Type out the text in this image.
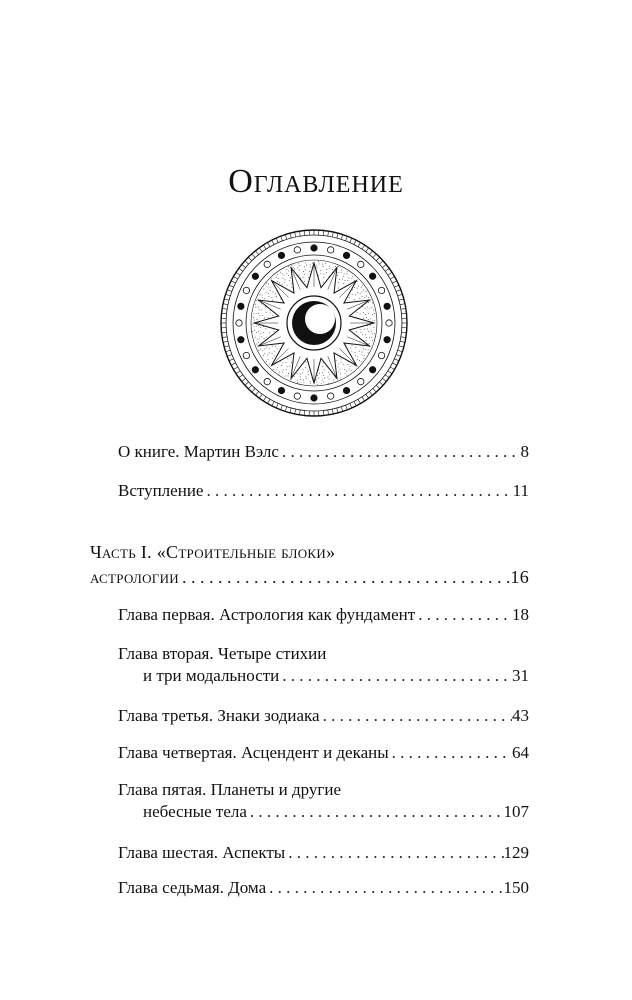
Оглавление
О книге. Мартин Вэлс . . .	8
Вступление . . .	11
Часть I. «Строительные блоки»
астрологии . . .	16
Глава первая. Астрология как фундамент . . .	18
Глава вторая. Четыре стихии
и три модальности . . .	31
Глава третья. Знаки зодиака . . .	43
Глава четвертая. Асцендент и деканы . . .	64
Глава пятая. Планеты и другие
небесные тела . . .	107
Глава шестая. Аспекты . . .	129
Глава седьмая. Дома . . .	150
